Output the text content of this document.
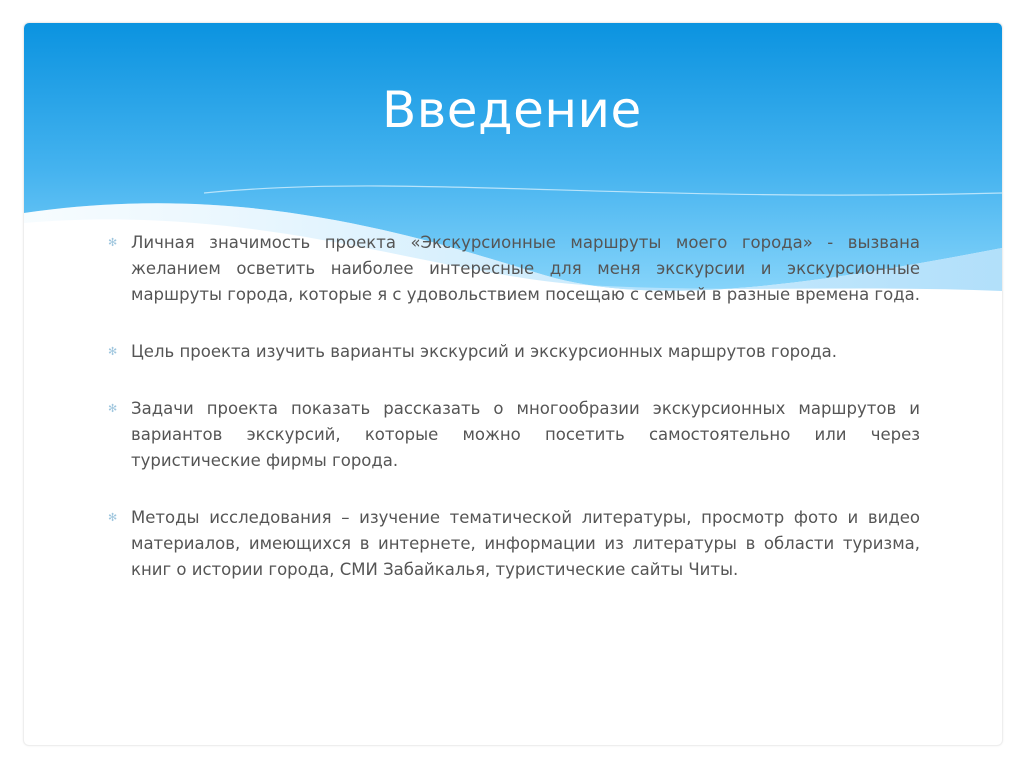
Введение
✻ Личная значимость проекта «Экскурсионные маршруты моего города» - вызвана желанием осветить наиболее интересные для меня экскурсии и экскурсионные маршруты города, которые я с удовольствием посещаю с семьей в разные времена года.
✻ Цель проекта изучить варианты экскурсий и экскурсионных маршрутов города.
✻ Задачи проекта показать рассказать о многообразии экскурсионных маршрутов и вариантов экскурсий, которые можно посетить самостоятельно или через туристические фирмы города.
✻ Методы исследования – изучение тематической литературы, просмотр фото и видео материалов, имеющихся в интернете, информации из литературы в области туризма, книг о истории города, СМИ Забайкалья, туристические сайты Читы.
